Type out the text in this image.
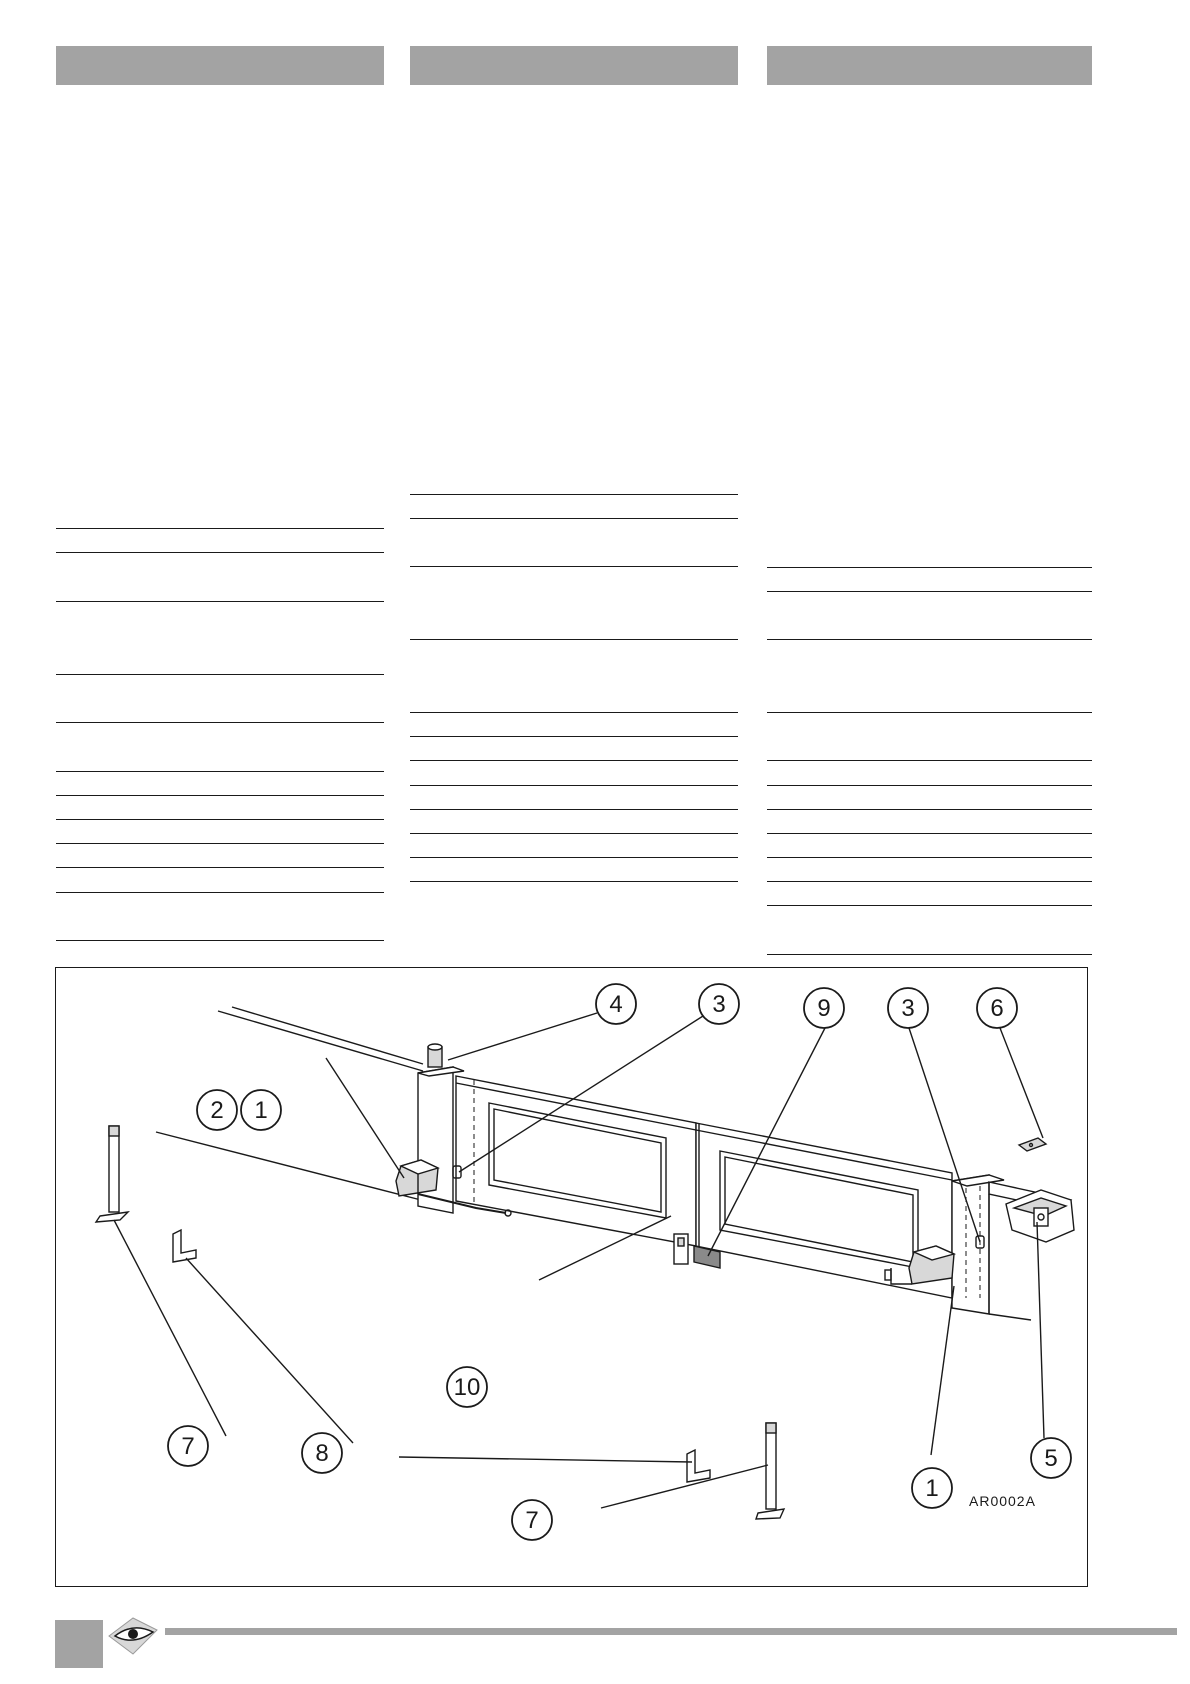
4	3	9	3	6
2 1
10
7	8	5
1
7
AR0002A
